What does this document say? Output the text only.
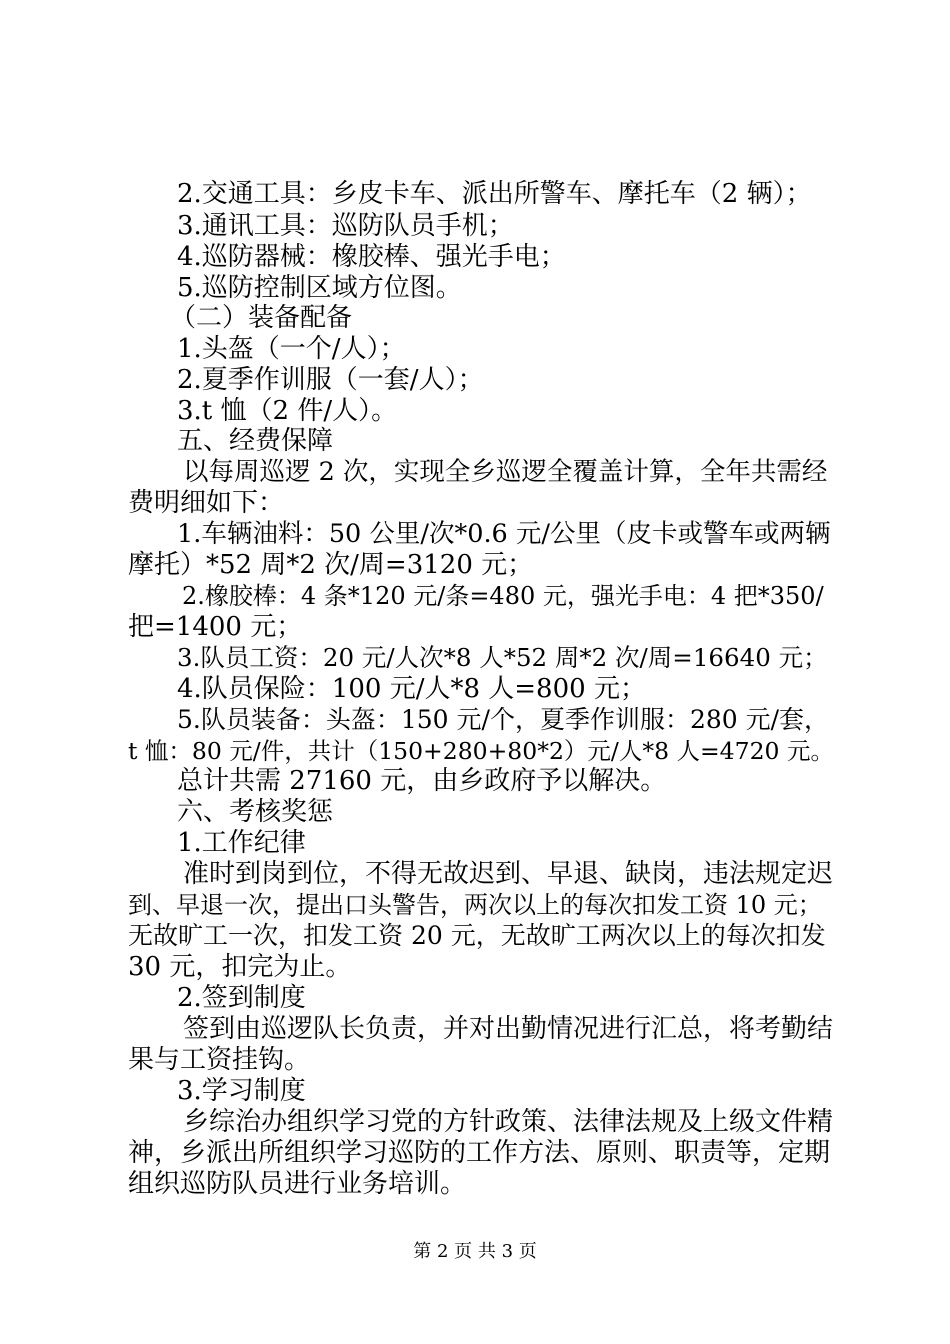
2.交通工具：乡皮卡车、派出所警车、摩托车（2 辆）；
3.通讯工具：巡防队员手机；
4.巡防器械：橡胶棒、强光手电；
5.巡防控制区域方位图。
（二）装备配备
1.头盔（一个/人）；
2.夏季作训服（一套/人）；
3.t 恤（2 件/人）。
五、经费保障
以每周巡逻 2 次，实现全乡巡逻全覆盖计算，全年共需经
费明细如下：
1.车辆油料：50 公里/次*0.6 元/公里（皮卡或警车或两辆
摩托）*52 周*2 次/周=3120 元；
2.橡胶棒：4 条*120 元/条=480 元，强光手电：4 把*350/
把=1400 元；
3.队员工资：20 元/人次*8 人*52 周*2 次/周=16640 元；
4.队员保险：100 元/人*8 人=800 元；
5.队员装备：头盔：150 元/个，夏季作训服：280 元/套，
t 恤：80 元/件，共计（150+280+80*2）元/人*8 人=4720 元。
总计共需 27160 元，由乡政府予以解决。
六、考核奖惩
1.工作纪律
准时到岗到位，不得无故迟到、早退、缺岗，违法规定迟
到、早退一次，提出口头警告，两次以上的每次扣发工资 10 元；
无故旷工一次，扣发工资 20 元，无故旷工两次以上的每次扣发
30 元，扣完为止。
2.签到制度
签到由巡逻队长负责，并对出勤情况进行汇总，将考勤结
果与工资挂钩。
3.学习制度
乡综治办组织学习党的方针政策、法律法规及上级文件精
神，乡派出所组织学习巡防的工作方法、原则、职责等，定期
组织巡防队员进行业务培训。
第 2 页 共 3 页
